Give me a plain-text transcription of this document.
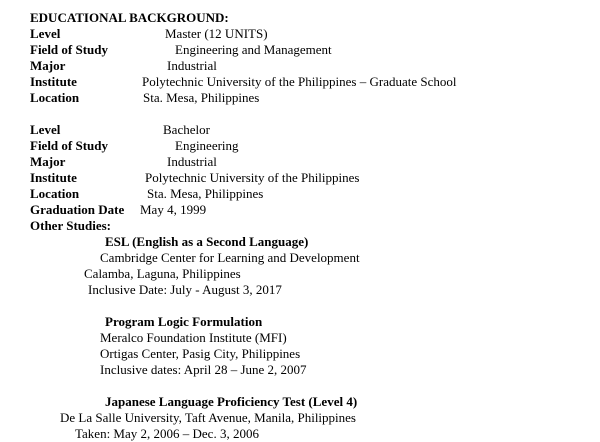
EDUCATIONAL BACKGROUND:
Level	Master (12 UNITS)
Field of Study	Engineering and Management
Major	Industrial
Institute	Polytechnic University of the Philippines – Graduate School
Location	Sta. Mesa, Philippines
Level	Bachelor
Field of Study	Engineering
Major	Industrial
Institute	Polytechnic University of the Philippines
Location	Sta. Mesa, Philippines
Graduation Date May 4, 1999
Other Studies:
ESL (English as a Second Language)
Cambridge Center for Learning and Development
Calamba, Laguna, Philippines
Inclusive Date: July - August 3, 2017
Program Logic Formulation
Meralco Foundation Institute (MFI)
Ortigas Center, Pasig City, Philippines
Inclusive dates: April 28 – June 2, 2007
Japanese Language Proficiency Test (Level 4)
De La Salle University, Taft Avenue, Manila, Philippines
Taken: May 2, 2006 – Dec. 3, 2006
